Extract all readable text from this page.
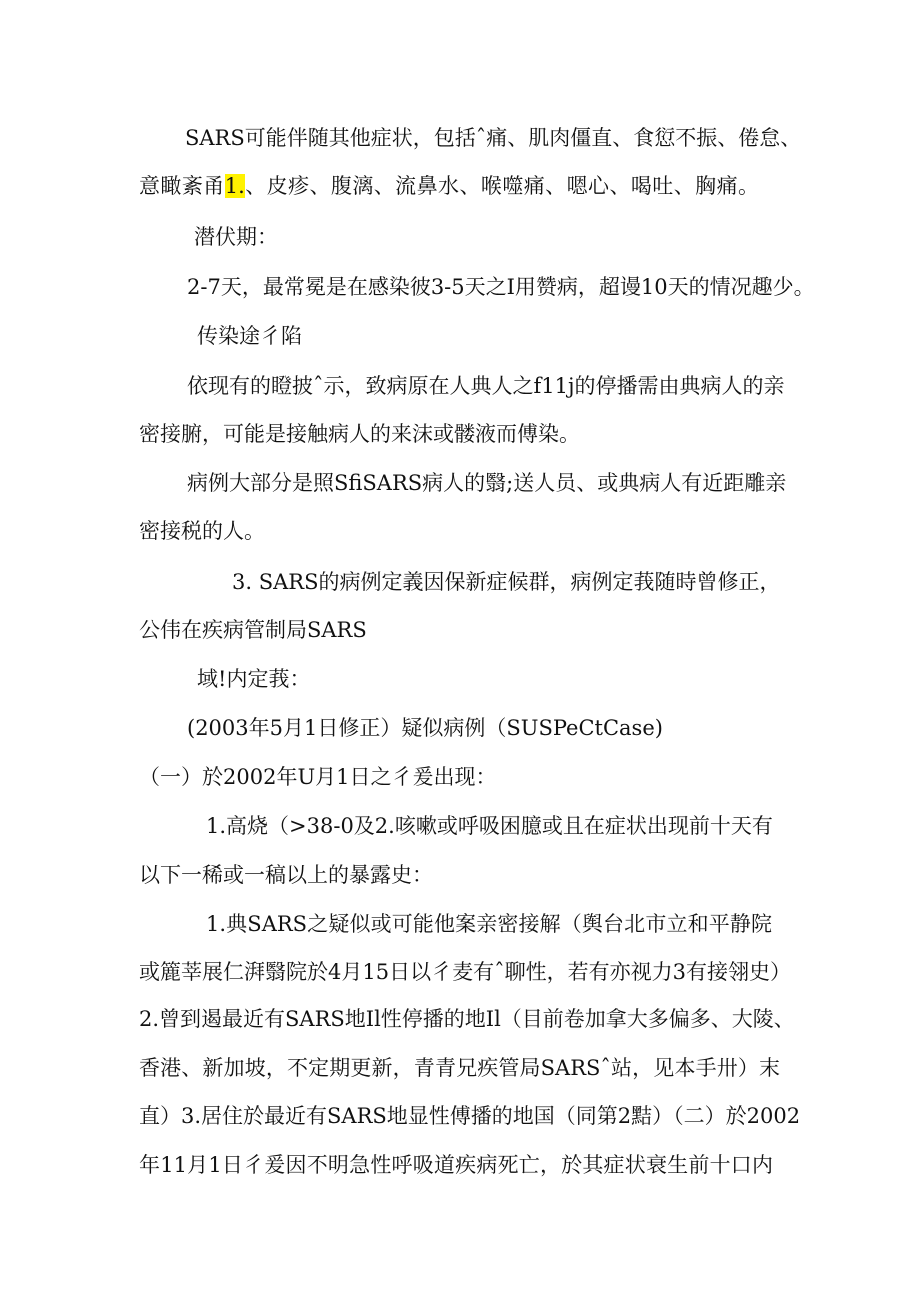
SARS可能伴随其他症状，包括ˆ痛、肌肉僵直、食愆不振、倦怠、

意瞰紊甬1.、皮疹、腹漓、流鼻水、喉噬痛、嗯心、喝吐、胸痛。

潜伏期：

2-7天，最常冕是在感染彼3-5天之I用赞病，超谩10天的情况趣少。

传染途彳陷

依现有的瞪披ˆ示，致病原在人典人之f11j的停播需由典病人的亲

密接腑，可能是接触病人的来沫或髅液而傅染。

病例大部分是照SfiSARS病人的翳;送人员、或典病人有近距雕亲

密接税的人。

3. SARS的病例定義因保新症候群，病例定莪随時曾修正，

公伟在疾病管制局SARS

域!内定莪：

(2003年5月1日修正）疑似病例（SUSPeCtCase)

（一）於2002年U月1日之彳爰出现：

1.高烧（>38-0及2.咳嗽或呼吸困臆或且在症状出现前十天有

以下一稀或一稿以上的暴露史：

1.典SARS之疑似或可能他案亲密接解（舆台北市立和平静院

或簏莘展仁湃翳院於4月15日以彳麦有ˆ聊性，若有亦视力3有接翎史）

2.曾到遏最近有SARS地Il性停播的地Il（目前卷加拿大多偏多、大陵、

香港、新加坡，不定期更新，青青兄疾管局SARSˆ站，见本手卅）末

直）3.居住於最近有SARS地显性傅播的地国（同第2黠）（二）於2002

年11月1日彳爰因不明急性呼吸道疾病死亡，於其症状衰生前十口内
